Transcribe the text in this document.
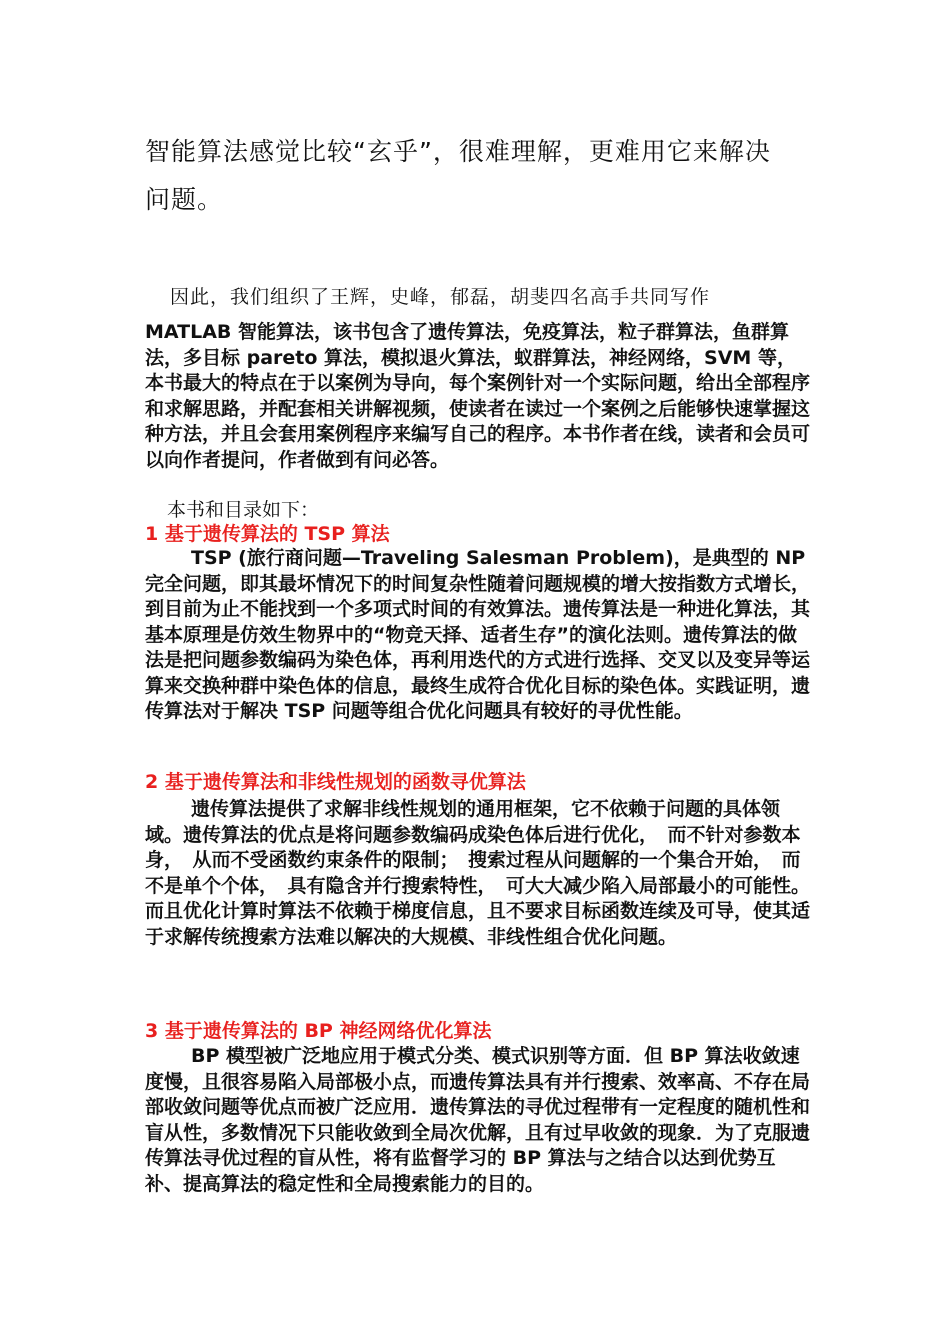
智能算法感觉比较“玄乎”，很难理解，更难用它来解决
问题。
因此，我们组织了王辉，史峰，郁磊，胡斐四名高手共同写作

MATLAB 智能算法，该书包含了遗传算法，免疫算法，粒子群算法，鱼群算法，多目标 pareto 算法，模拟退火算法，蚁群算法，神经网络，SVM 等，本书最大的特点在于以案例为导向，每个案例针对一个实际问题，给出全部程序和求解思路，并配套相关讲解视频，使读者在读过一个案例之后能够快速掌握这种方法，并且会套用案例程序来编写自己的程序。本书作者在线，读者和会员可以向作者提问，作者做到有问必答。

本书和目录如下：

1 基于遗传算法的 TSP 算法

TSP (旅行商问题—Traveling Salesman Problem)，是典型的 NP 完全问题，即其最坏情况下的时间复杂性随着问题规模的增大按指数方式增长，到目前为止不能找到一个多项式时间的有效算法。遗传算法是一种进化算法，其基本原理是仿效生物界中的“物竞天择、适者生存”的演化法则。遗传算法的做法是把问题参数编码为染色体，再利用迭代的方式进行选择、交叉以及变异等运算来交换种群中染色体的信息，最终生成符合优化目标的染色体。实践证明，遗传算法对于解决 TSP 问题等组合优化问题具有较好的寻优性能。

2 基于遗传算法和非线性规划的函数寻优算法

遗传算法提供了求解非线性规划的通用框架，它不依赖于问题的具体领域。遗传算法的优点是将问题参数编码成染色体后进行优化，　而不针对参数本身，　从而不受函数约束条件的限制；　搜索过程从问题解的一个集合开始，　而不是单个个体，　具有隐含并行搜索特性，　可大大减少陷入局部最小的可能性。而且优化计算时算法不依赖于梯度信息，且不要求目标函数连续及可导，使其适于求解传统搜索方法难以解决的大规模、非线性组合优化问题。

3 基于遗传算法的 BP 神经网络优化算法

BP 模型被广泛地应用于模式分类、模式识别等方面．但 BP 算法收敛速度慢，且很容易陷入局部极小点，而遗传算法具有并行搜索、效率高、不存在局部收敛问题等优点而被广泛应用．遗传算法的寻优过程带有一定程度的随机性和盲从性，多数情况下只能收敛到全局次优解，且有过早收敛的现象．为了克服遗传算法寻优过程的盲从性，将有监督学习的 BP 算法与之结合以达到优势互补、提高算法的稳定性和全局搜索能力的目的。
